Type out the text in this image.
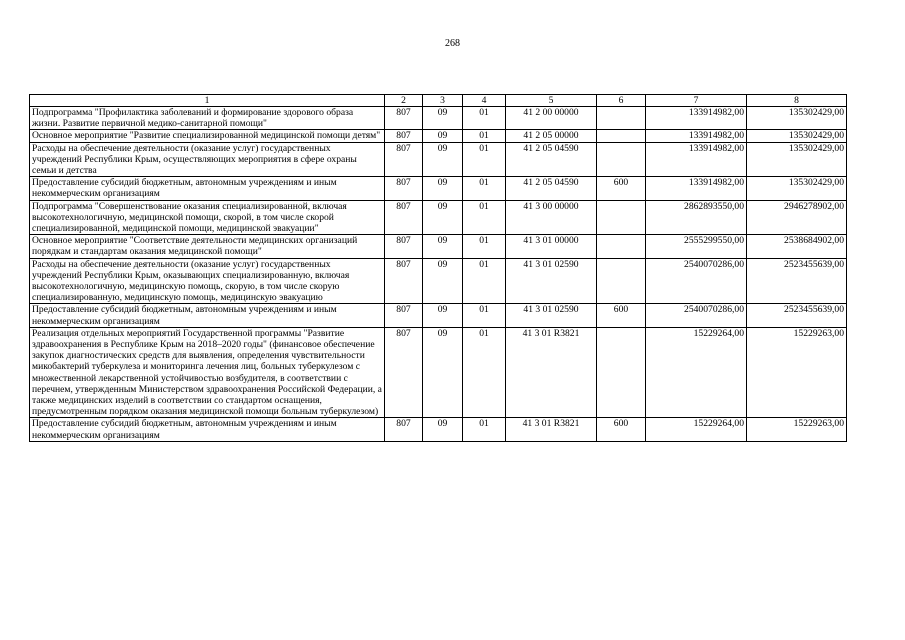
268
1	2	3	4	5	6	7	8
Подпрограмма "Профилактика заболеваний и формирование здорового образа жизни. Развитие первичной медико-санитарной помощи"	807	09	01	41 2 00 00000		133914982,00	135302429,00
Основное мероприятие "Развитие специализированной медицинской помощи детям"	807	09	01	41 2 05 00000		133914982,00	135302429,00
Расходы на обеспечение деятельности (оказание услуг) государственных учреждений Республики Крым, осуществляющих мероприятия в сфере охраны семьи и детства	807	09	01	41 2 05 04590		133914982,00	135302429,00
Предоставление субсидий бюджетным, автономным учреждениям и иным некоммерческим организациям	807	09	01	41 2 05 04590	600	133914982,00	135302429,00
Подпрограмма "Совершенствование оказания специализированной, включая высокотехнологичную, медицинской помощи, скорой, в том числе скорой специализированной, медицинской помощи, медицинской эвакуации"	807	09	01	41 3 00 00000		2862893550,00	2946278902,00
Основное мероприятие "Соответствие деятельности медицинских организаций порядкам и стандартам оказания медицинской помощи"	807	09	01	41 3 01 00000		2555299550,00	2538684902,00
Расходы на обеспечение деятельности (оказание услуг) государственных учреждений Республики Крым, оказывающих специализированную, включая высокотехнологичную, медицинскую помощь, скорую, в том числе скорую специализированную, медицинскую помощь, медицинскую эвакуацию	807	09	01	41 3 01 02590		2540070286,00	2523455639,00
Предоставление субсидий бюджетным, автономным учреждениям и иным некоммерческим организациям	807	09	01	41 3 01 02590	600	2540070286,00	2523455639,00
Реализация отдельных мероприятий Государственной программы "Развитие здравоохранения в Республике Крым на 2018–2020 годы" (финансовое обеспечение закупок диагностических средств для выявления, определения чувствительности микобактерий туберкулеза и мониторинга лечения лиц, больных туберкулезом с множественной лекарственной устойчивостью возбудителя, в соответствии с перечнем, утвержденным Министерством здравоохранения Российской Федерации, а также медицинских изделий в соответствии со стандартом оснащения, предусмотренным порядком оказания медицинской помощи больным туберкулезом)	807	09	01	41 3 01 R3821		15229264,00	15229263,00
Предоставление субсидий бюджетным, автономным учреждениям и иным некоммерческим организациям	807	09	01	41 3 01 R3821	600	15229264,00	15229263,00
